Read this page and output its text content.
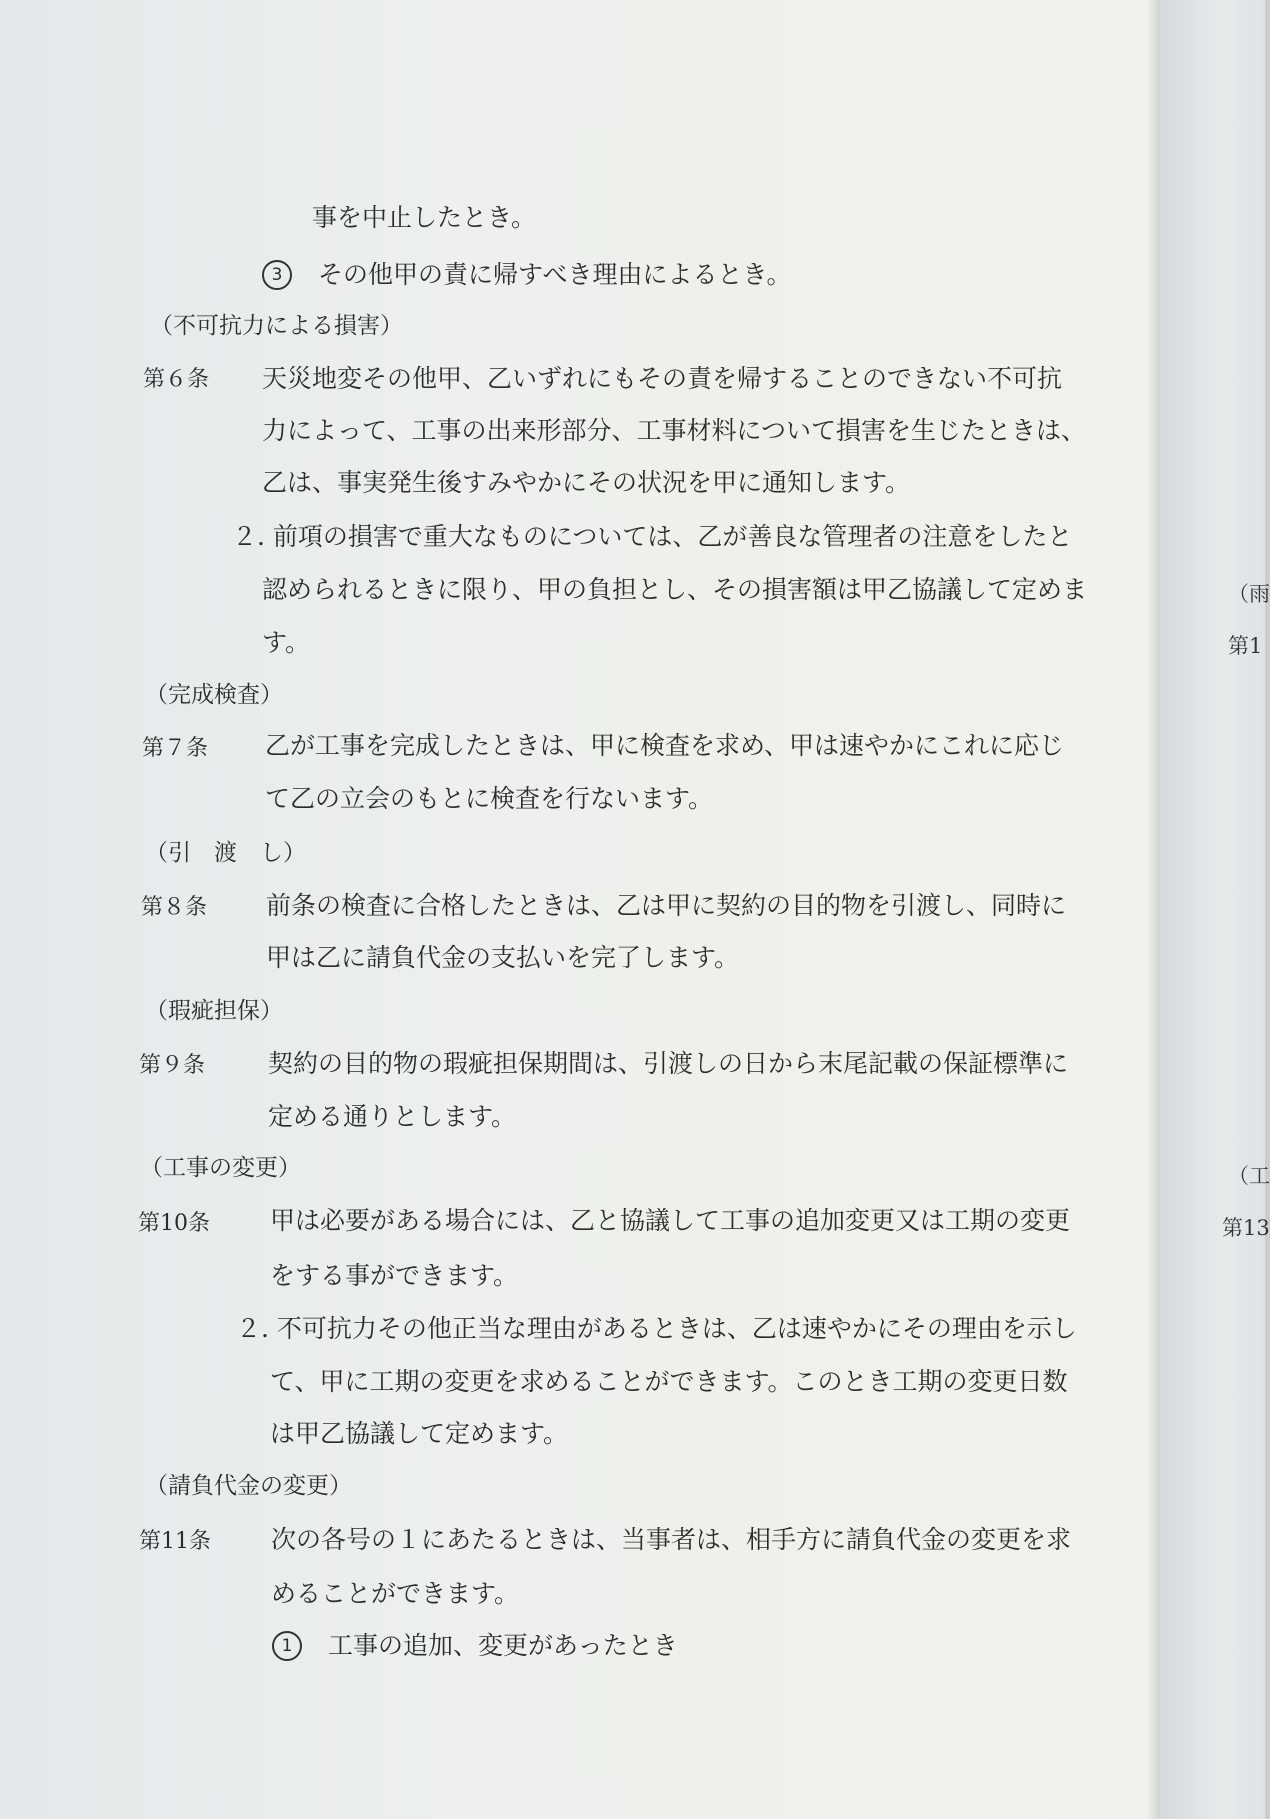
事を中止したとき。
3	その他甲の責に帰すべき理由によるとき。
（不可抗力による損害）
第６条 天災地変その他甲、乙いずれにもその責を帰することのできない不可抗
力によって、工事の出来形部分、工事材料について損害を生じたときは、
乙は、事実発生後すみやかにその状況を甲に通知します。
２. 前項の損害で重大なものについては、乙が善良な管理者の注意をしたと
認められるときに限り、甲の負担とし、その損害額は甲乙協議して定めま
す。
（完成検査）
第７条 乙が工事を完成したときは、甲に検査を求め、甲は速やかにこれに応じ
て乙の立会のもとに検査を行ないます。
（引　渡　し）
第８条 前条の検査に合格したときは、乙は甲に契約の目的物を引渡し、同時に
甲は乙に請負代金の支払いを完了します。
（瑕疵担保）
第９条	契約の目的物の瑕疵担保期間は、引渡しの日から末尾記載の保証標準に
定める通りとします。
（工事の変更）
第10条 甲は必要がある場合には、乙と協議して工事の追加変更又は工期の変更
をする事ができます。
２. 不可抗力その他正当な理由があるときは、乙は速やかにその理由を示し
て、甲に工期の変更を求めることができます。このとき工期の変更日数
は甲乙協議して定めます。
（請負代金の変更）
第11条 次の各号の１にあたるときは、当事者は、相手方に請負代金の変更を求
めることができます。
1	工事の追加、変更があったとき
（雨
第1
（工
第13
